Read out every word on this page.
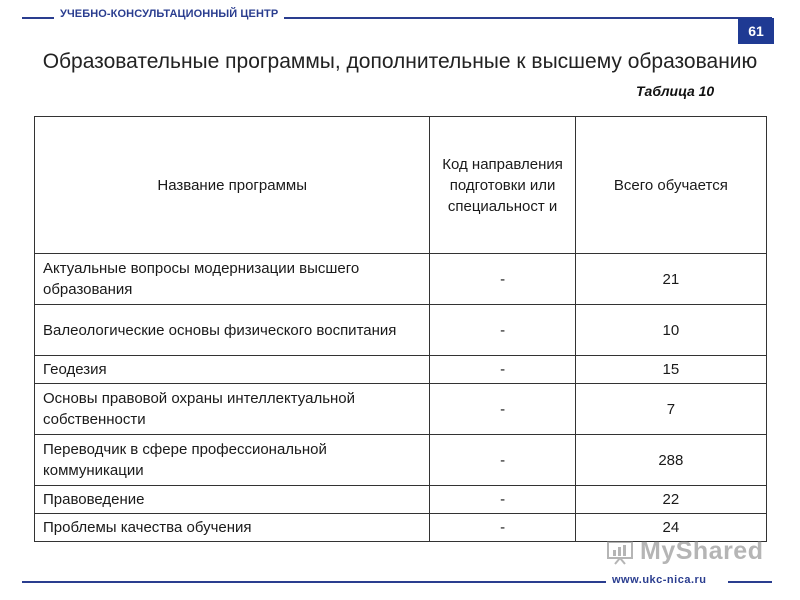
УЧЕБНО-КОНСУЛЬТАЦИОННЫЙ ЦЕНТР
61
Образовательные программы, дополнительные к высшему образованию
Таблица 10
Название программы	Код направления подготовки или специальност и	Всего обучается
Актуальные вопросы модернизации высшего образования	-	21
Валеологические основы физического воспитания	-	10
Геодезия	-	15
Основы правовой охраны интеллектуальной собственности	-	7
Переводчик в сфере профессиональной коммуникации	-	288
Правоведение	-	22
Проблемы качества обучения	-	24
MyShared
www.ukc-nica.ru
